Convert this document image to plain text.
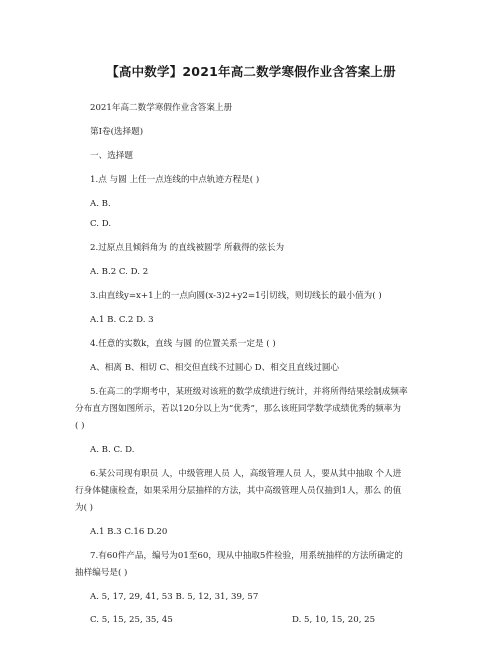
【高中数学】2021年高二数学寒假作业含答案上册
2021年高二数学寒假作业含答案上册
第Ⅰ卷(选择题)
一、选择题
1.点 与圆 上任一点连线的中点轨迹方程是( )
A. B.
C. D.
2.过原点且倾斜角为 的直线被圆学 所截得的弦长为
A. B.2 C. D. 2
3.由直线y=x+1上的一点向圆(x-3)2+y2=1引切线，则切线长的最小值为( )
A.1 B. C.2 D. 3
4.任意的实数k，直线 与圆 的位置关系一定是 ( )
A、相离 B、相切 C、相交但直线不过圆心 D、相交且直线过圆心
5.在高二的学期考中，某班级对该班的数学成绩进行统计，并将所得结果绘制成频率
分布直方图如图所示，若以120分以上为“优秀”，那么该班同学数学成绩优秀的频率为
( )
A. B. C. D.
6.某公司现有职员 人，中级管理人员 人，高级管理人员 人，要从其中抽取 个人进
行身体健康检查，如果采用分层抽样的方法，其中高级管理人员仅抽到1人，那么 的值
为( )
A.1 B.3 C.16 D.20
7.有60件产品，编号为01至60，现从中抽取5件检验，用系统抽样的方法所确定的
抽样编号是( )
A. 5, 17, 29, 41, 53 B. 5, 12, 31, 39, 57
C. 5, 15, 25, 35, 45	D. 5, 10, 15, 20, 25
